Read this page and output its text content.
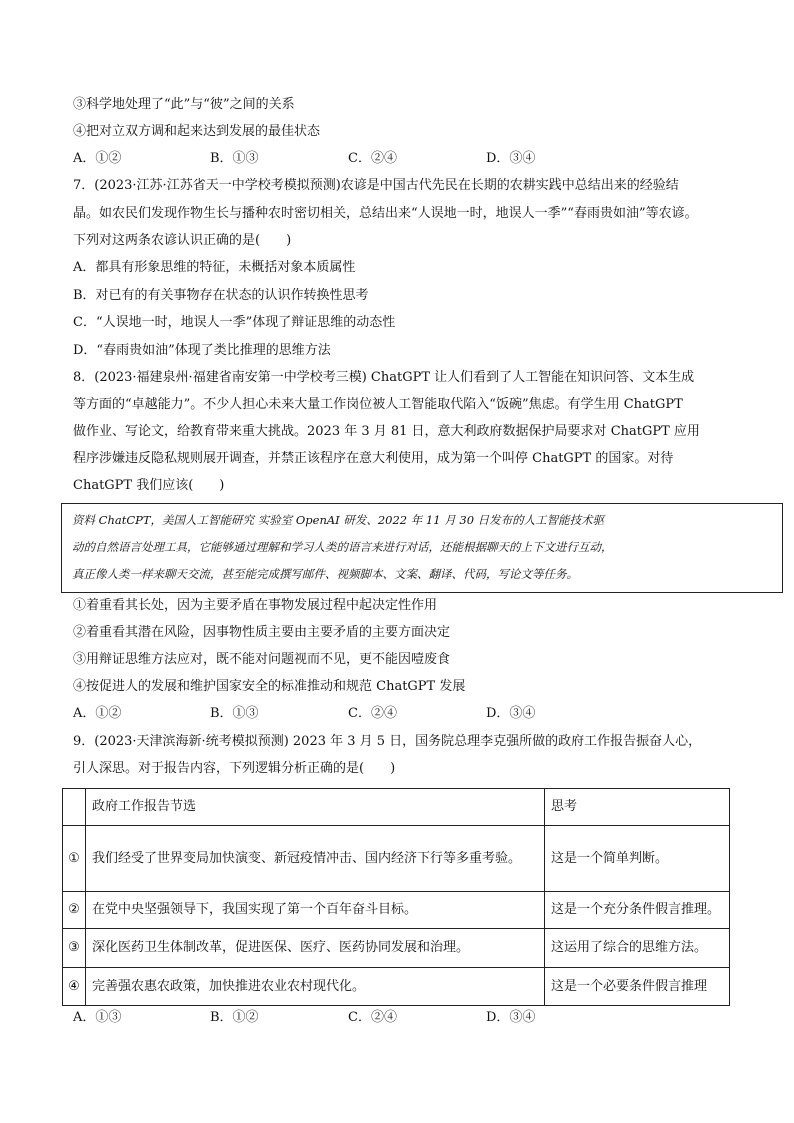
③科学地处理了“此”与“彼”之间的关系
④把对立双方调和起来达到发展的最佳状态
A．①②	B．①③	C．②④	D．③④
7．(2023·江苏·江苏省天一中学校考模拟预测)农谚是中国古代先民在长期的农耕实践中总结出来的经验结
晶。如农民们发现作物生长与播种农时密切相关，总结出来“人误地一时，地误人一季”“春雨贵如油”等农谚。
下列对这两条农谚认识正确的是(　　)
A．都具有形象思维的特征，未概括对象本质属性
B．对已有的有关事物存在状态的认识作转换性思考
C．“人误地一时，地误人一季”体现了辩证思维的动态性
D．“春雨贵如油”体现了类比推理的思维方法
8．(2023·福建泉州·福建省南安第一中学校考三模) ChatGPT 让人们看到了人工智能在知识问答、文本生成
等方面的“卓越能力”。不少人担心未来大量工作岗位被人工智能取代陷入“饭碗”焦虑。有学生用 ChatGPT
做作业、写论文，给教育带来重大挑战。2023 年 3 月 81 日，意大利政府数据保护局要求对 ChatGPT 应用
程序涉嫌违反隐私规则展开调查，并禁正该程序在意大利使用，成为第一个叫停 ChatGPT 的国家。对待
ChatGPT 我们应该(　　)
资料 ChatCPT，美国人工智能研究 实验室 OpenAI 研发、2022 年 11 月 30 日发布的人工智能技术驱
动的自然语言处理工具，它能够通过理解和学习人类的语言来进行对话，还能根据聊天的上下文进行互动，
真正像人类一样来聊天交流，甚至能完成撰写邮件、视频脚本、文案、翻译、代码，写论文等任务。
①着重看其长处，因为主要矛盾在事物发展过程中起决定性作用
②着重看其潜在风险，因事物性质主要由主要矛盾的主要方面决定
③用辩证思维方法应对，既不能对问题视而不见，更不能因噎废食
④按促进人的发展和维护国家安全的标准推动和规范 ChatGPT 发展
A．①②	B．①③	C．②④	D．③④
9．(2023·天津滨海新·统考模拟预测) 2023 年 3 月 5 日，国务院总理李克强所做的政府工作报告振奋人心，
引人深思。对于报告内容，下列逻辑分析正确的是(　　)
	政府工作报告节选	思考
①	我们经受了世界变局加快演变、新冠疫情冲击、国内经济下行等多重考验。	这是一个简单判断。
②	在党中央坚强领导下，我国实现了第一个百年奋斗目标。	这是一个充分条件假言推理。
③	深化医药卫生体制改革，促进医保、医疗、医药协同发展和治理。	这运用了综合的思维方法。
④	完善强农惠农政策，加快推进农业农村现代化。	这是一个必要条件假言推理
A．①③	B．①②	C．②④	D．③④
